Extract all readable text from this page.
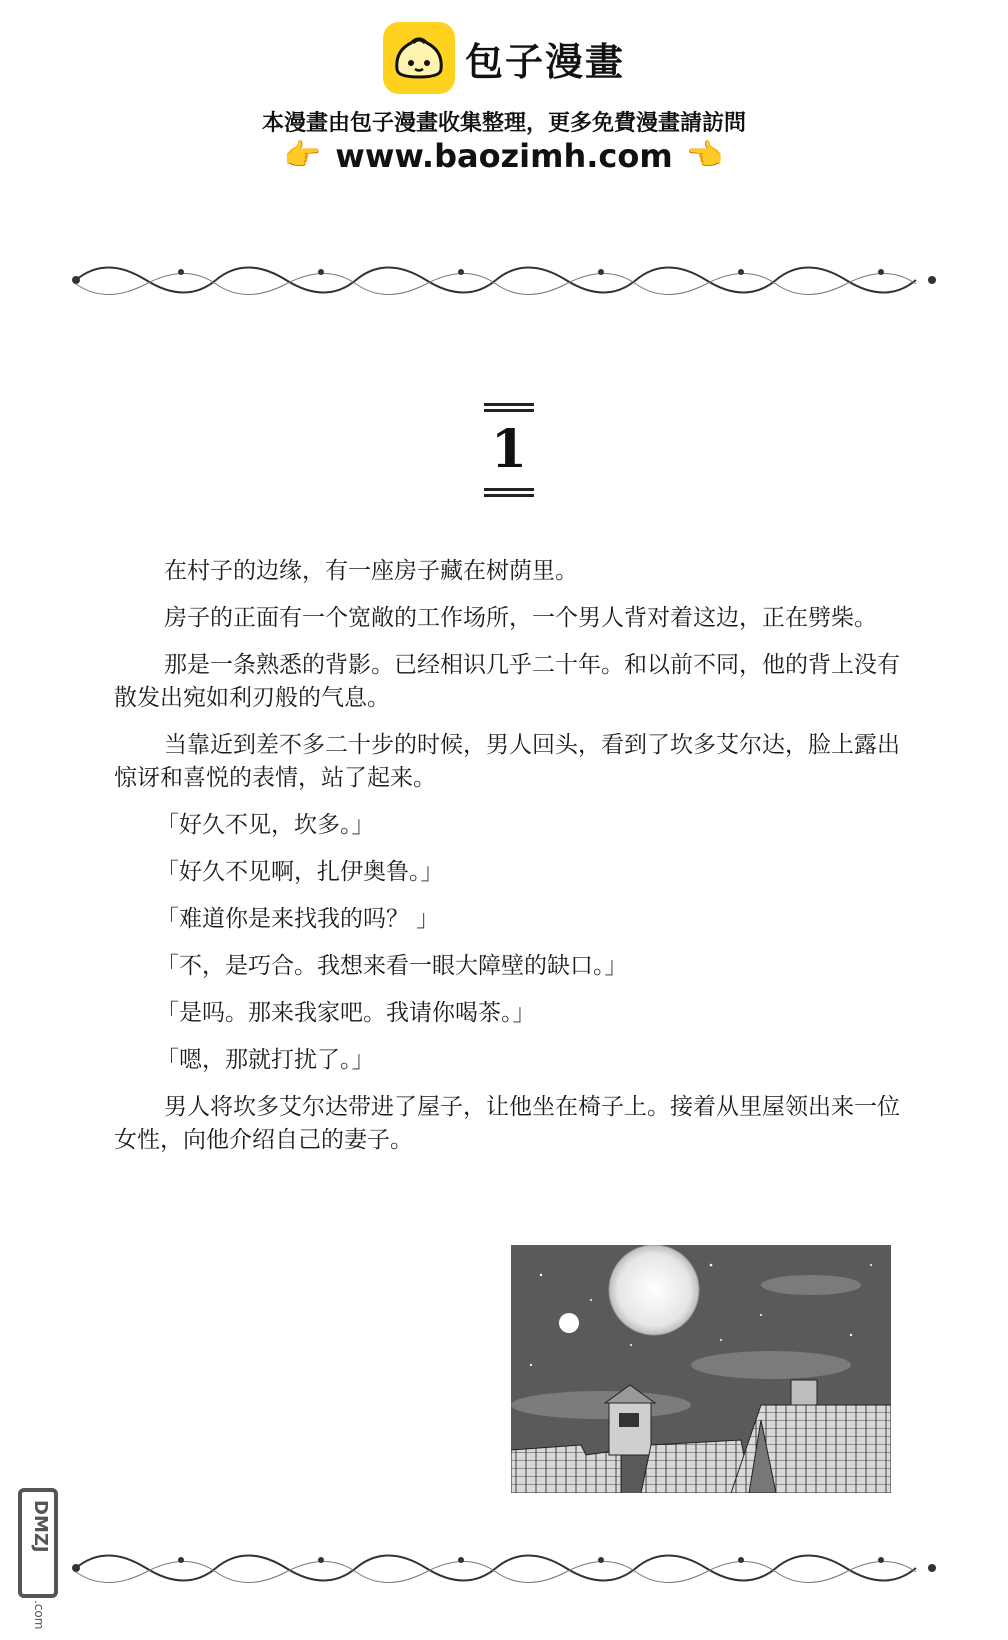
包子漫畫
本漫畫由包子漫畫收集整理，更多免費漫畫請訪問
👉 www.baozimh.com 👉
1

在村子的边缘，有一座房子藏在树荫里。

房子的正面有一个宽敞的工作场所，一个男人背对着这边，正在劈柴。

那是一条熟悉的背影。已经相识几乎二十年。和以前不同，他的背上没有散发出宛如利刃般的气息。

当靠近到差不多二十步的时候，男人回头，看到了坎多艾尔达，脸上露出惊讶和喜悦的表情，站了起来。

「好久不见，坎多。」

「好久不见啊，扎伊奥鲁。」

「难道你是来找我的吗？ 」

「不，是巧合。我想来看一眼大障壁的缺口。」

「是吗。那来我家吧。我请你喝茶。」

「嗯，那就打扰了。」

男人将坎多艾尔达带进了屋子，让他坐在椅子上。接着从里屋领出来一位女性，向他介绍自己的妻子。

DMZJ
.com
